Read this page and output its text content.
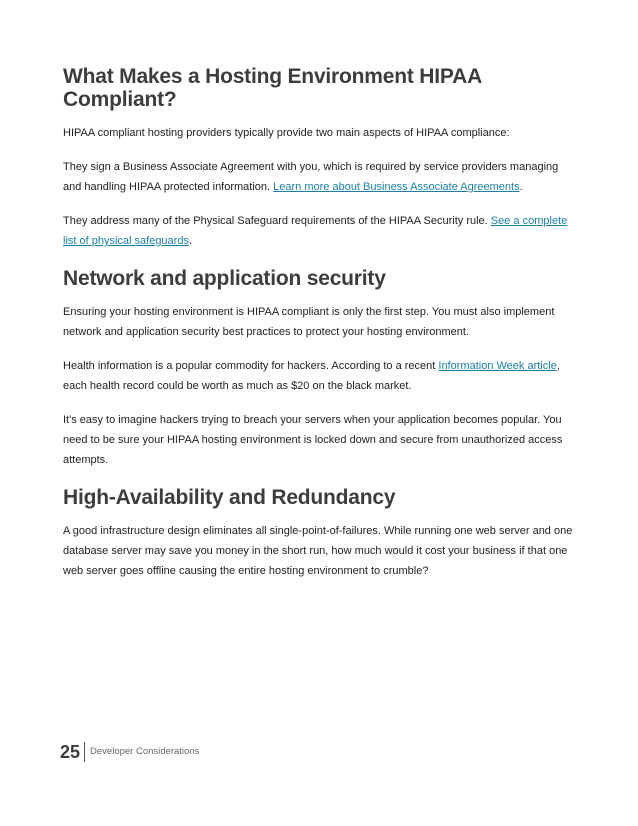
What Makes a Hosting Environment HIPAA Compliant?

HIPAA compliant hosting providers typically provide two main aspects of HIPAA compliance:

They sign a Business Associate Agreement with you, which is required by service providers managing and handling HIPAA protected information. Learn more about Business Associate Agreements.

They address many of the Physical Safeguard requirements of the HIPAA Security rule. See a complete list of physical safeguards.

Network and application security

Ensuring your hosting environment is HIPAA compliant is only the first step. You must also implement network and application security best practices to protect your hosting environment.

Health information is a popular commodity for hackers. According to a recent Information Week article, each health record could be worth as much as $20 on the black market.

It's easy to imagine hackers trying to breach your servers when your application becomes popular. You need to be sure your HIPAA hosting environment is locked down and secure from unauthorized access attempts.

High-Availability and Redundancy

A good infrastructure design eliminates all single-point-of-failures. While running one web server and one database server may save you money in the short run, how much would it cost your business if that one web server goes offline causing the entire hosting environment to crumble?

25 Developer Considerations
